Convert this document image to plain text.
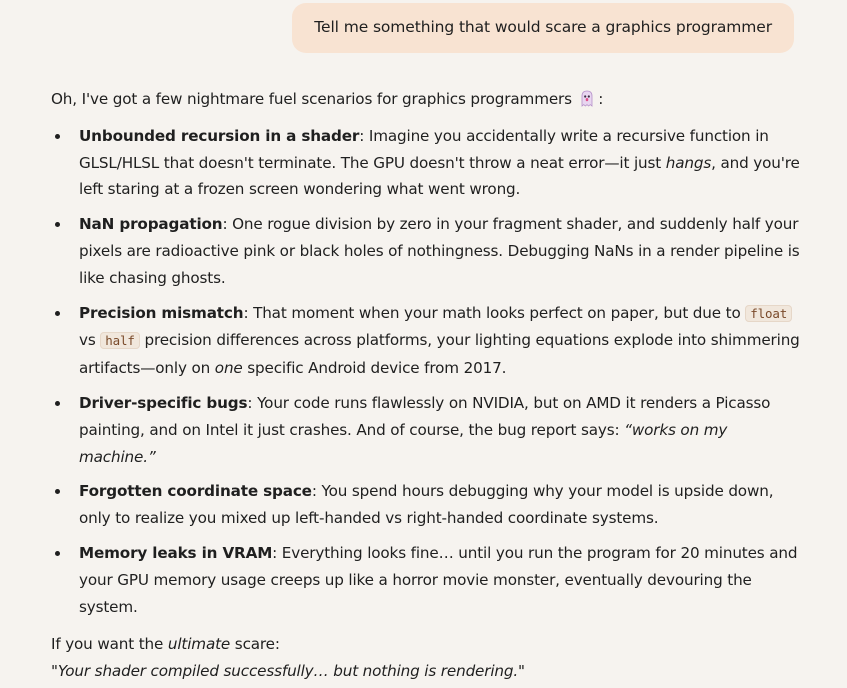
Tell me something that would scare a graphics programmer

Oh, I've got a few nightmare fuel scenarios for graphics programmers :

Unbounded recursion in a shader: Imagine you accidentally write a recursive function in GLSL/HLSL that doesn't terminate. The GPU doesn't throw a neat error—it just hangs, and you're left staring at a frozen screen wondering what went wrong.
NaN propagation: One rogue division by zero in your fragment shader, and suddenly half your pixels are radioactive pink or black holes of nothingness. Debugging NaNs in a render pipeline is like chasing ghosts.
Precision mismatch: That moment when your math looks perfect on paper, but due to float vs half precision differences across platforms, your lighting equations explode into shimmering artifacts—only on one specific Android device from 2017.
Driver-specific bugs: Your code runs flawlessly on NVIDIA, but on AMD it renders a Picasso painting, and on Intel it just crashes. And of course, the bug report says: “works on my machine.”
Forgotten coordinate space: You spend hours debugging why your model is upside down, only to realize you mixed up left-handed vs right-handed coordinate systems.
Memory leaks in VRAM: Everything looks fine… until you run the program for 20 minutes and your GPU memory usage creeps up like a horror movie monster, eventually devouring the system.

If you want the ultimate scare:
"Your shader compiled successfully… but nothing is rendering."
